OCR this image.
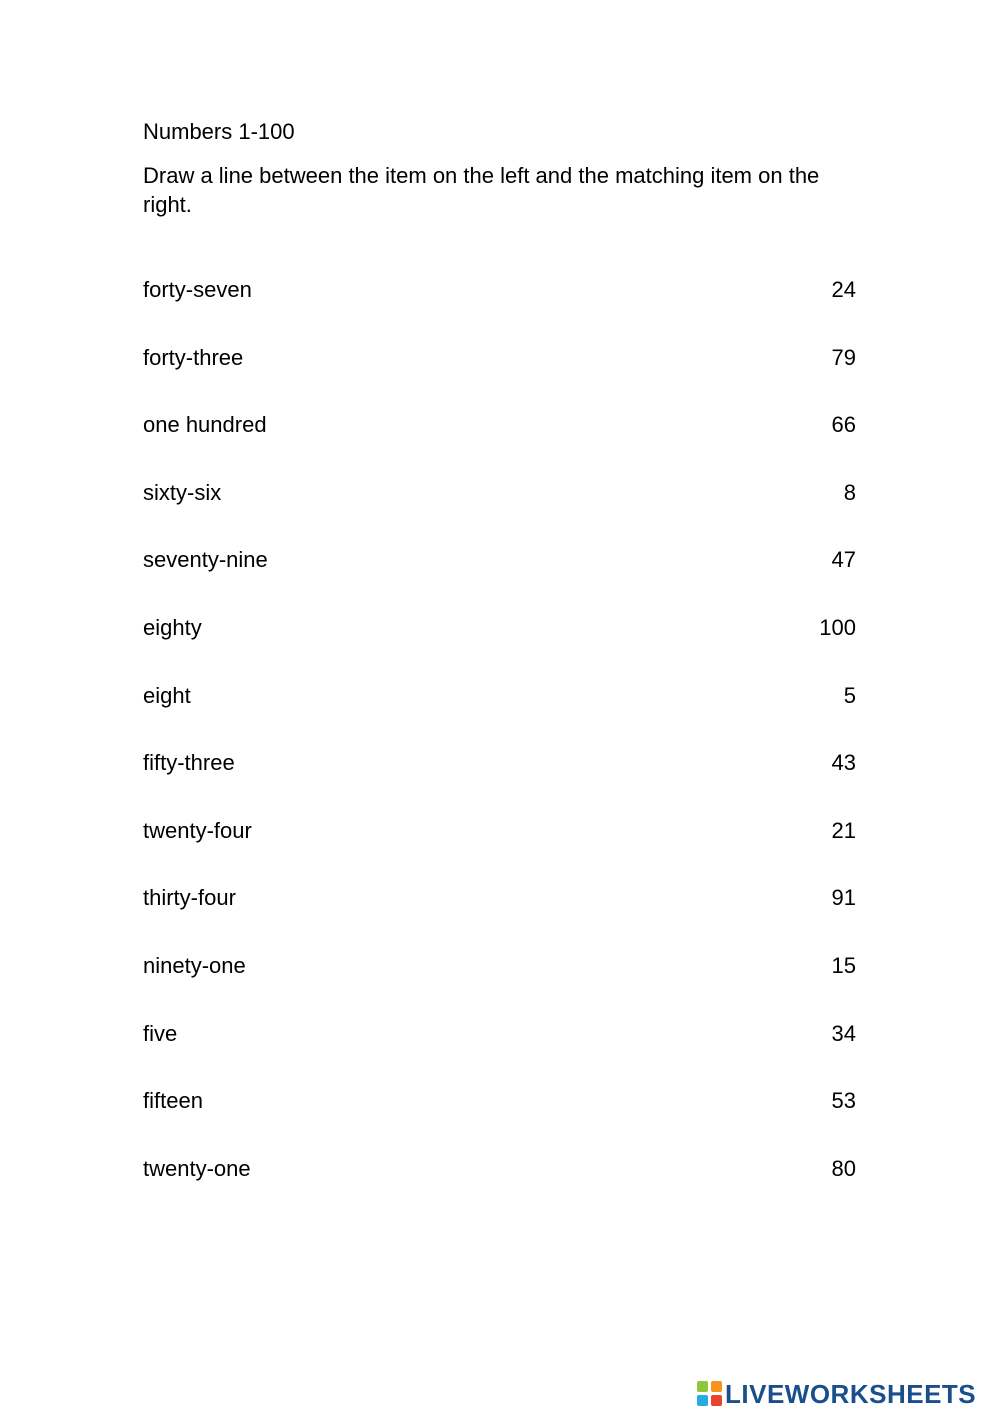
Numbers 1-100
Draw a line between the item on the left and the matching item on the right.
forty-seven	24
forty-three	79
one hundred	66
sixty-six	8
seventy-nine	47
eighty	100
eight	5
fifty-three	43
twenty-four	21
thirty-four	91
ninety-one	15
five	34
fifteen	53
twenty-one	80
LIVEWORKSHEETS
